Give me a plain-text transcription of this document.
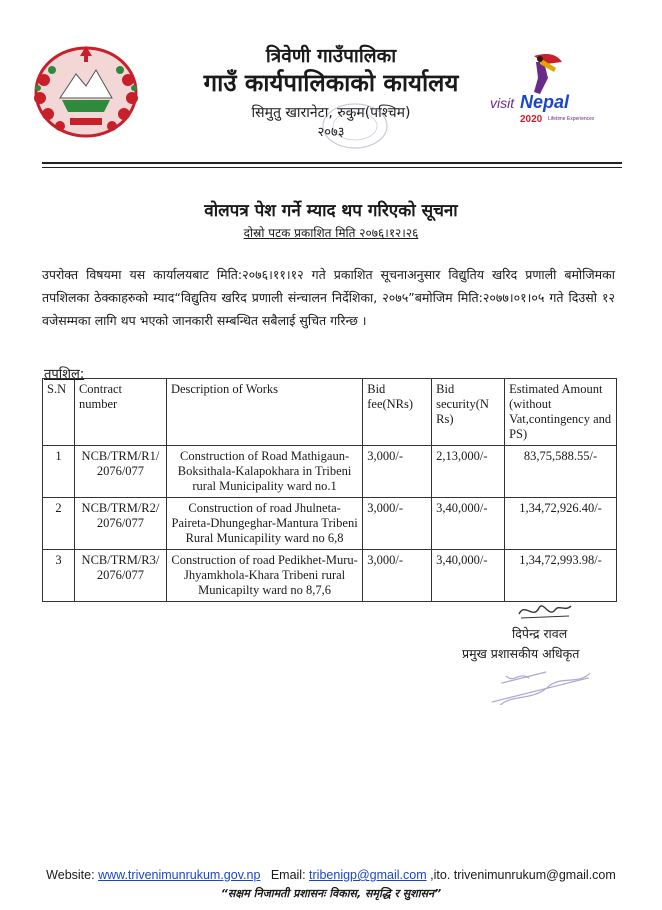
visit Nepal
2020 Lifetime Experiences
त्रिवेणी गाउँपालिका
गाउँ कार्यपालिकाको कार्यालय
सिमुतु खारानेटा, रुकुम(पश्चिम)
२०७३
वोलपत्र पेश गर्ने म्याद थप गरिएको सूचना
दोस्रो पटक प्रकाशित मिति २०७६।१२।२६
उपरोक्त विषयमा यस कार्यालयबाट मिति:२०७६।११।१२ गते प्रकाशित सूचनाअनुसार विद्युतिय खरिद प्रणाली बमोजिमका तपशिलका ठेक्काहरुको म्याद“विद्युतिय खरिद प्रणाली संन्चालन निर्देशिका, २०७५”बमोजिम मिति:२०७७।०१।०५ गते दिउसो १२ वजेसम्मका लागि थप भएको जानकारी सम्बन्धित सबैलाई सुचित गरिन्छ ।
तपशिल:
S.N	Contract number	Description of Works	Bid fee(NRs)	Bid security(N Rs)	Estimated Amount (without Vat,contingency and PS)
1	NCB/TRM/R1/ 2076/077	Construction of Road Mathigaun-Boksithala-Kalapokhara in Tribeni rural Municipality ward no.1	3,000/-	2,13,000/-	83,75,588.55/-
2	NCB/TRM/R2/ 2076/077	Construction of road Jhulneta-Paireta-Dhungeghar-Mantura Tribeni Rural Municapility ward no 6,8	3,000/-	3,40,000/-	1,34,72,926.40/-
3	NCB/TRM/R3/ 2076/077	Construction of road Pedikhet-Muru-Jhyamkhola-Khara Tribeni rural Municapilty ward no 8,7,6	3,000/-	3,40,000/-	1,34,72,993.98/-
दिपेन्द्र रावल
प्रमुख प्रशासकीय अधिकृत
Website: www.trivenimunrukum.gov.np Email: tribenigp@gmail.com ,ito. trivenimunrukum@gmail.com
“सक्षम निजामती प्रशासनः विकास, समृद्धि र सुशासन”
